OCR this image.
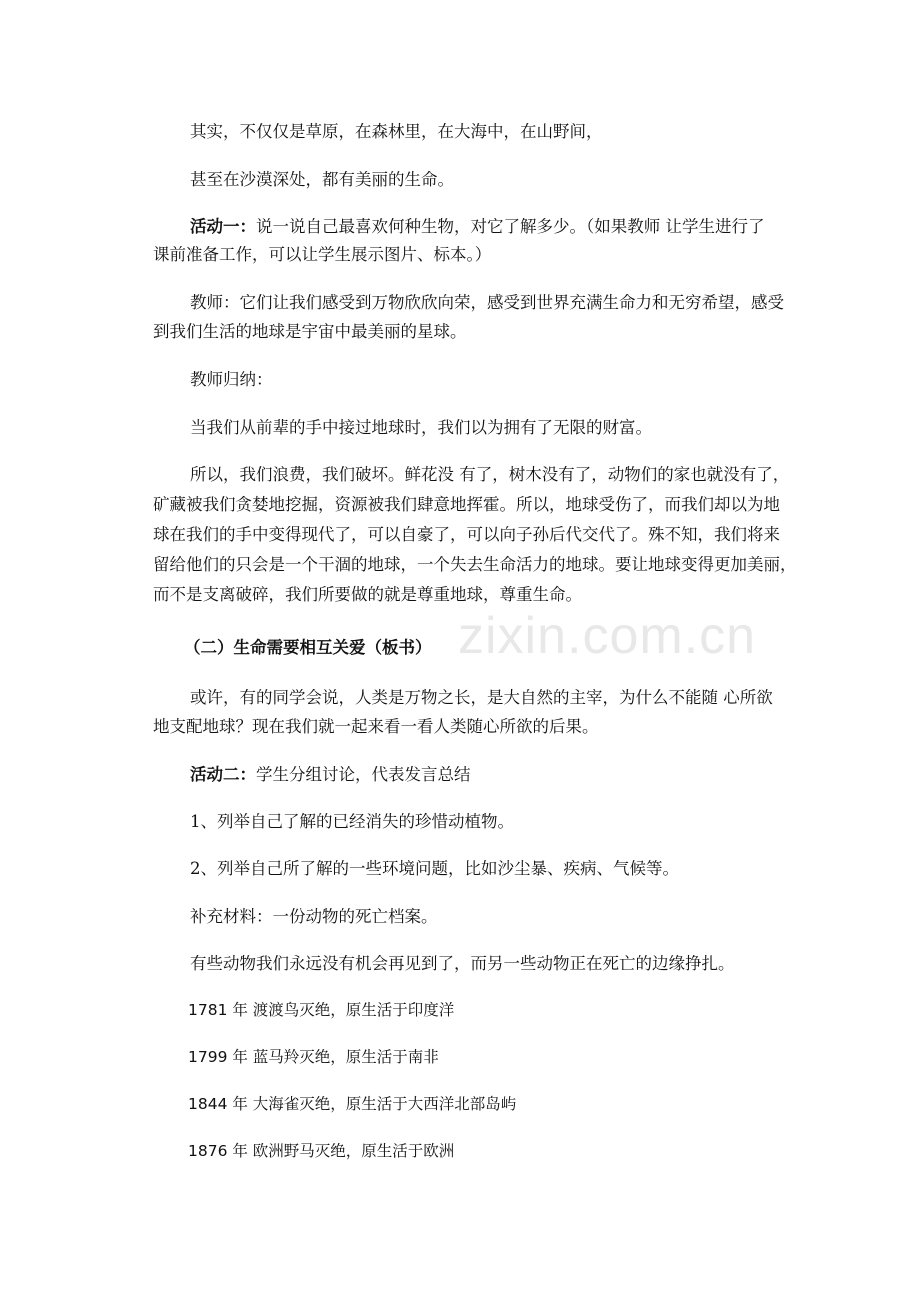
zixin.com.cn

其实，不仅仅是草原，在森林里，在大海中，在山野间，

甚至在沙漠深处，都有美丽的生命。

活动一：说一说自己最喜欢何种生物，对它了解多少。（如果教师 让学生进行了

课前准备工作，可以让学生展示图片、标本。）

教师：它们让我们感受到万物欣欣向荣，感受到世界充满生命力和无穷希望，感受

到我们生活的地球是宇宙中最美丽的星球。

教师归纳：

当我们从前辈的手中接过地球时，我们以为拥有了无限的财富。

所以，我们浪费，我们破坏。鲜花没 有了，树木没有了，动物们的家也就没有了，

矿藏被我们贪婪地挖掘，资源被我们肆意地挥霍。所以，地球受伤了，而我们却以为地

球在我们的手中变得现代了，可以自豪了，可以向子孙后代交代了。殊不知，我们将来

留给他们的只会是一个干涸的地球，一个失去生命活力的地球。要让地球变得更加美丽，

而不是支离破碎，我们所要做的就是尊重地球，尊重生命。

（二）生命需要相互关爱（板书）

或许，有的同学会说，人类是万物之长，是大自然的主宰，为什么不能随 心所欲

地支配地球？现在我们就一起来看一看人类随心所欲的后果。

活动二：学生分组讨论，代表发言总结

1、列举自己了解的已经消失的珍惜动植物。

2、列举自己所了解的一些环境问题，比如沙尘暴、疾病、气候等。

补充材料：一份动物的死亡档案。

有些动物我们永远没有机会再见到了，而另一些动物正在死亡的边缘挣扎。

1781 年 渡渡鸟灭绝，原生活于印度洋

1799 年 蓝马羚灭绝，原生活于南非

1844 年 大海雀灭绝，原生活于大西洋北部岛屿

1876 年 欧洲野马灭绝，原生活于欧洲
